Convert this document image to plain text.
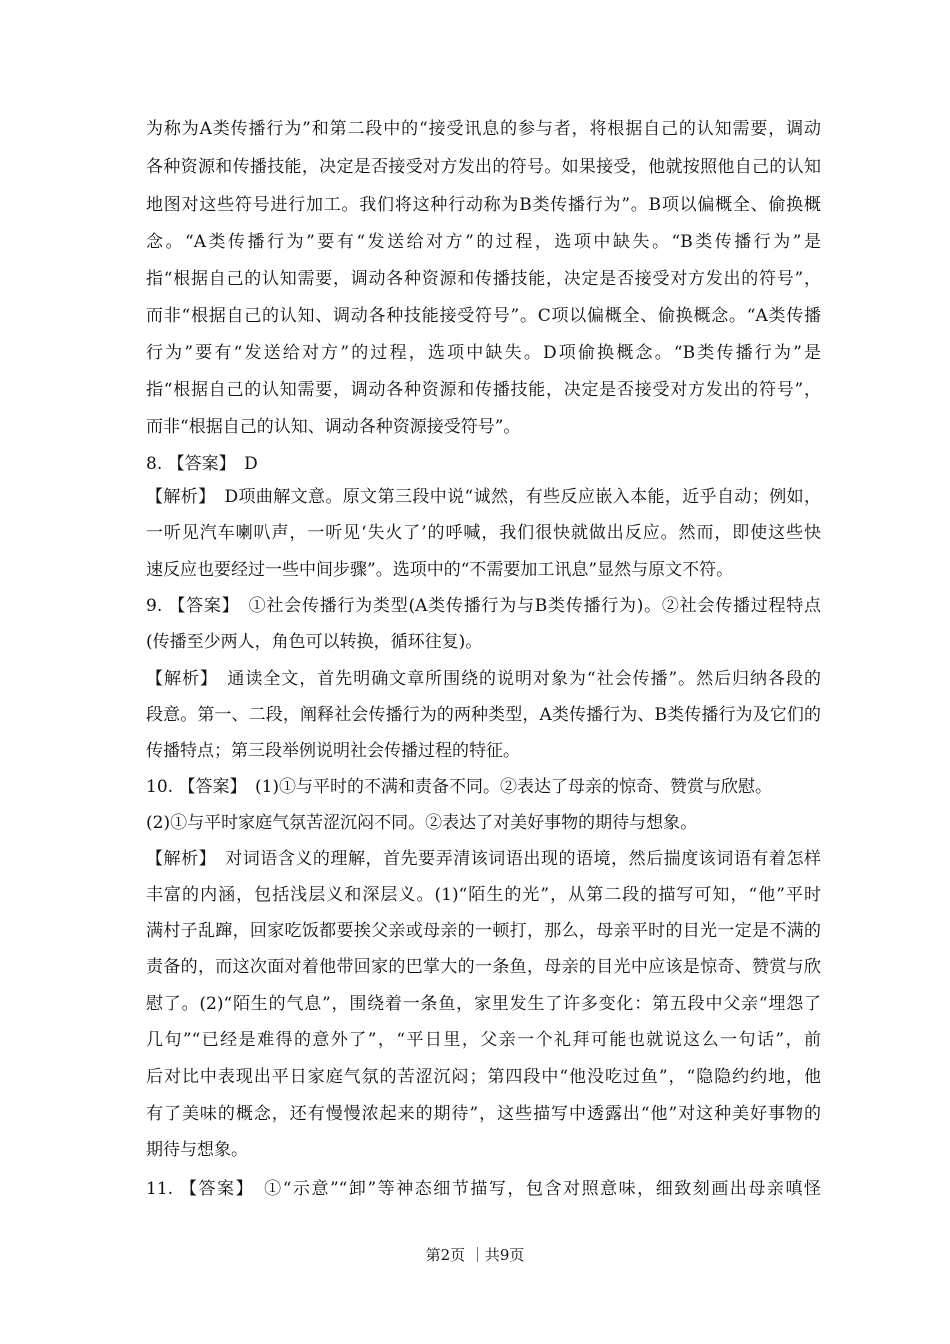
为称为A类传播行为”和第二段中的“接受讯息的参与者，将根据自己的认知需要，调动
各种资源和传播技能，决定是否接受对方发出的符号。如果接受，他就按照他自己的认知
地图对这些符号进行加工。我们将这种行动称为B类传播行为”。B项以偏概全、偷换概
念。“A类传播行为”要有“发送给对方”的过程，选项中缺失。“B类传播行为”是
指“根据自己的认知需要，调动各种资源和传播技能，决定是否接受对方发出的符号”，
而非“根据自己的认知、调动各种技能接受符号”。C项以偏概全、偷换概念。“A类传播
行为”要有“发送给对方”的过程，选项中缺失。D项偷换概念。“B类传播行为”是
指“根据自己的认知需要，调动各种资源和传播技能，决定是否接受对方发出的符号”，
而非“根据自己的认知、调动各种资源接受符号”。
8. 【答案】　D
【解析】　D项曲解文意。原文第三段中说“诚然，有些反应嵌入本能，近乎自动；例如，
一听见汽车喇叭声，一听见‘失火了’的呼喊，我们很快就做出反应。然而，即使这些快
速反应也要经过一些中间步骤”。选项中的“不需要加工讯息”显然与原文不符。
9. 【答案】　①社会传播行为类型(A类传播行为与B类传播行为)。②社会传播过程特点
(传播至少两人，角色可以转换，循环往复)。
【解析】　通读全文，首先明确文章所围绕的说明对象为“社会传播”。然后归纳各段的
段意。第一、二段，阐释社会传播行为的两种类型，A类传播行为、B类传播行为及它们的
传播特点；第三段举例说明社会传播过程的特征。
10. 【答案】　(1)①与平时的不满和责备不同。②表达了母亲的惊奇、赞赏与欣慰。
(2)①与平时家庭气氛苦涩沉闷不同。②表达了对美好事物的期待与想象。
【解析】　对词语含义的理解，首先要弄清该词语出现的语境，然后揣度该词语有着怎样
丰富的内涵，包括浅层义和深层义。(1)“陌生的光”，从第二段的描写可知，“他”平时
满村子乱蹿，回家吃饭都要挨父亲或母亲的一顿打，那么，母亲平时的目光一定是不满的
责备的，而这次面对着他带回家的巴掌大的一条鱼，母亲的目光中应该是惊奇、赞赏与欣
慰了。(2)“陌生的气息”，围绕着一条鱼，家里发生了许多变化：第五段中父亲“埋怨了
几句”“已经是难得的意外了”，“平日里，父亲一个礼拜可能也就说这么一句话”，前
后对比中表现出平日家庭气氛的苦涩沉闷；第四段中“他没吃过鱼”，“隐隐约约地，他
有了美味的概念，还有慢慢浓起来的期待”，这些描写中透露出“他”对这种美好事物的
期待与想象。
11. 【答案】　①“示意”“卸”等神态细节描写，包含对照意味，细致刻画出母亲嗔怪
第2页 ｜共9页
